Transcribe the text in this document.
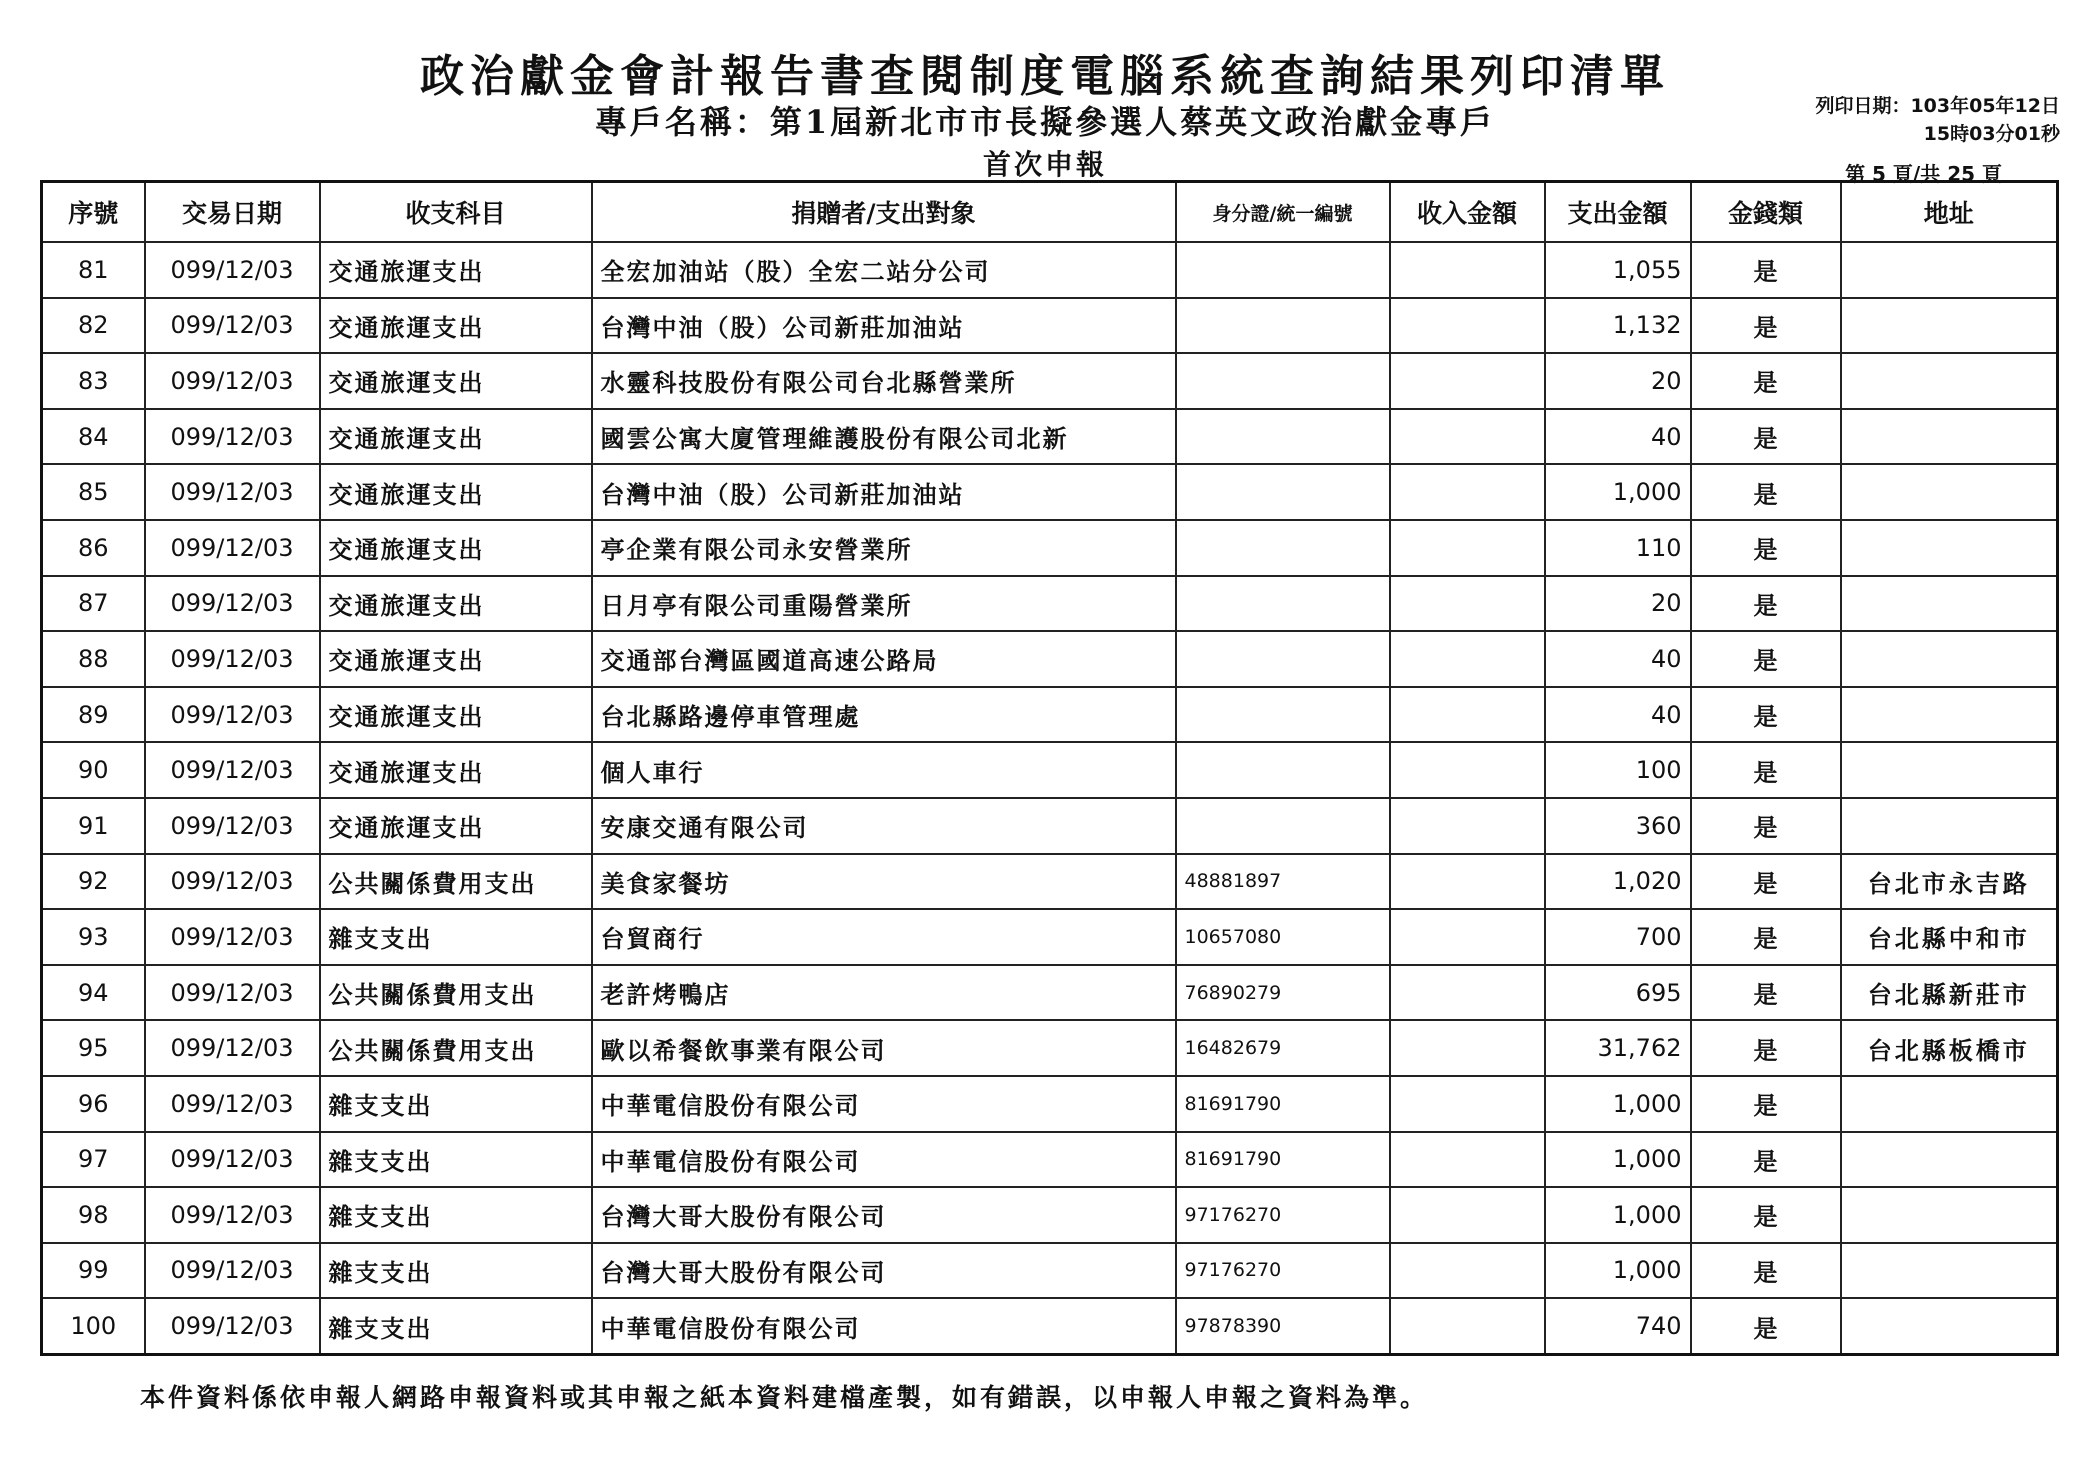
政治獻金會計報告書查閱制度電腦系統查詢結果列印清單
專戶名稱：第1屆新北市市長擬參選人蔡英文政治獻金專戶
首次申報
列印日期：103年05年12日
15時03分01秒
第 5 頁/共 25 頁
序號	交易日期	收支科目	捐贈者/支出對象	身分證/統一編號	收入金額	支出金額	金錢類	地址
81	099/12/03	交通旅運支出	全宏加油站（股）全宏二站分公司			1,055	是	
82	099/12/03	交通旅運支出	台灣中油（股）公司新莊加油站			1,132	是	
83	099/12/03	交通旅運支出	水靈科技股份有限公司台北縣營業所			20	是	
84	099/12/03	交通旅運支出	國雲公寓大廈管理維護股份有限公司北新			40	是	
85	099/12/03	交通旅運支出	台灣中油（股）公司新莊加油站			1,000	是	
86	099/12/03	交通旅運支出	亭企業有限公司永安營業所			110	是	
87	099/12/03	交通旅運支出	日月亭有限公司重陽營業所			20	是	
88	099/12/03	交通旅運支出	交通部台灣區國道高速公路局			40	是	
89	099/12/03	交通旅運支出	台北縣路邊停車管理處			40	是	
90	099/12/03	交通旅運支出	個人車行			100	是	
91	099/12/03	交通旅運支出	安康交通有限公司			360	是	
92	099/12/03	公共關係費用支出	美食家餐坊	48881897		1,020	是	台北市永吉路
93	099/12/03	雜支支出	台貿商行	10657080		700	是	台北縣中和市
94	099/12/03	公共關係費用支出	老許烤鴨店	76890279		695	是	台北縣新莊市
95	099/12/03	公共關係費用支出	歐以希餐飲事業有限公司	16482679		31,762	是	台北縣板橋市
96	099/12/03	雜支支出	中華電信股份有限公司	81691790		1,000	是	
97	099/12/03	雜支支出	中華電信股份有限公司	81691790		1,000	是	
98	099/12/03	雜支支出	台灣大哥大股份有限公司	97176270		1,000	是	
99	099/12/03	雜支支出	台灣大哥大股份有限公司	97176270		1,000	是	
100	099/12/03	雜支支出	中華電信股份有限公司	97878390		740	是	
本件資料係依申報人網路申報資料或其申報之紙本資料建檔產製，如有錯誤，以申報人申報之資料為準。
